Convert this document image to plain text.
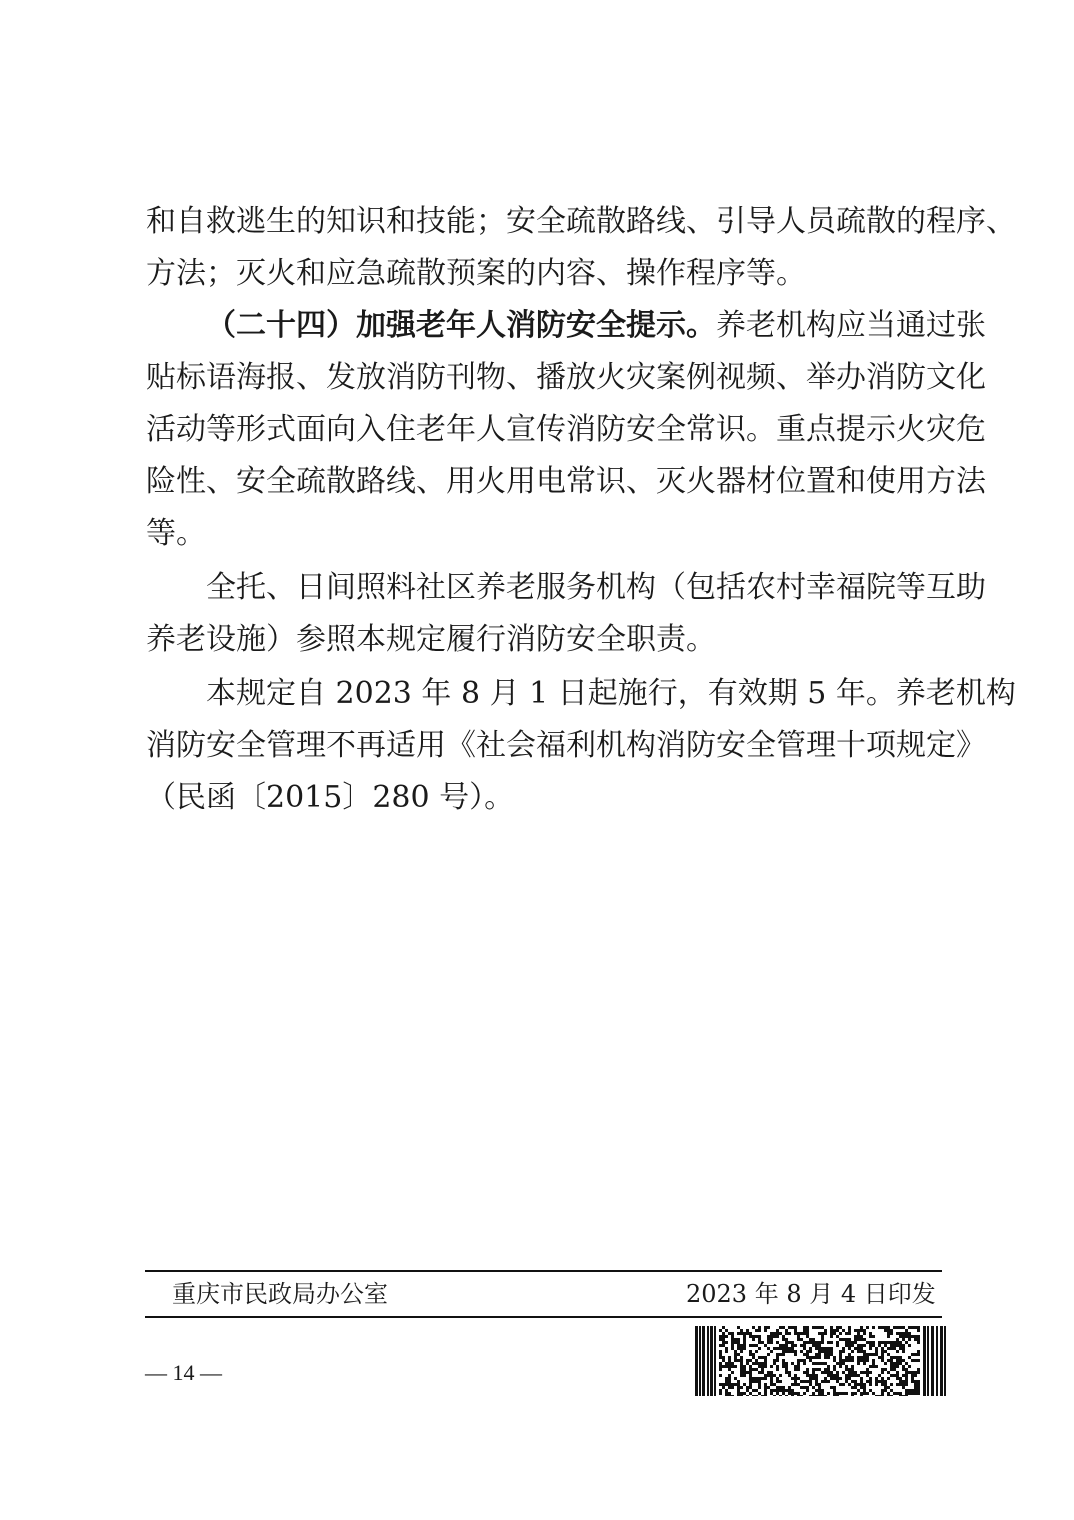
和自救逃生的知识和技能；安全疏散路线、引导人员疏散的程序、
方法；灭火和应急疏散预案的内容、操作程序等。
（二十四）加强老年人消防安全提示。养老机构应当通过张
贴标语海报、发放消防刊物、播放火灾案例视频、举办消防文化
活动等形式面向入住老年人宣传消防安全常识。重点提示火灾危
险性、安全疏散路线、用火用电常识、灭火器材位置和使用方法
等。
全托、日间照料社区养老服务机构（包括农村幸福院等互助
养老设施）参照本规定履行消防安全职责。
本规定自 2023 年 8 月 1 日起施行，有效期 5 年。养老机构
消防安全管理不再适用《社会福利机构消防安全管理十项规定》
（民函〔2015〕280 号）。
重庆市民政局办公室	2023 年 8 月 4 日印发
— 14 —
